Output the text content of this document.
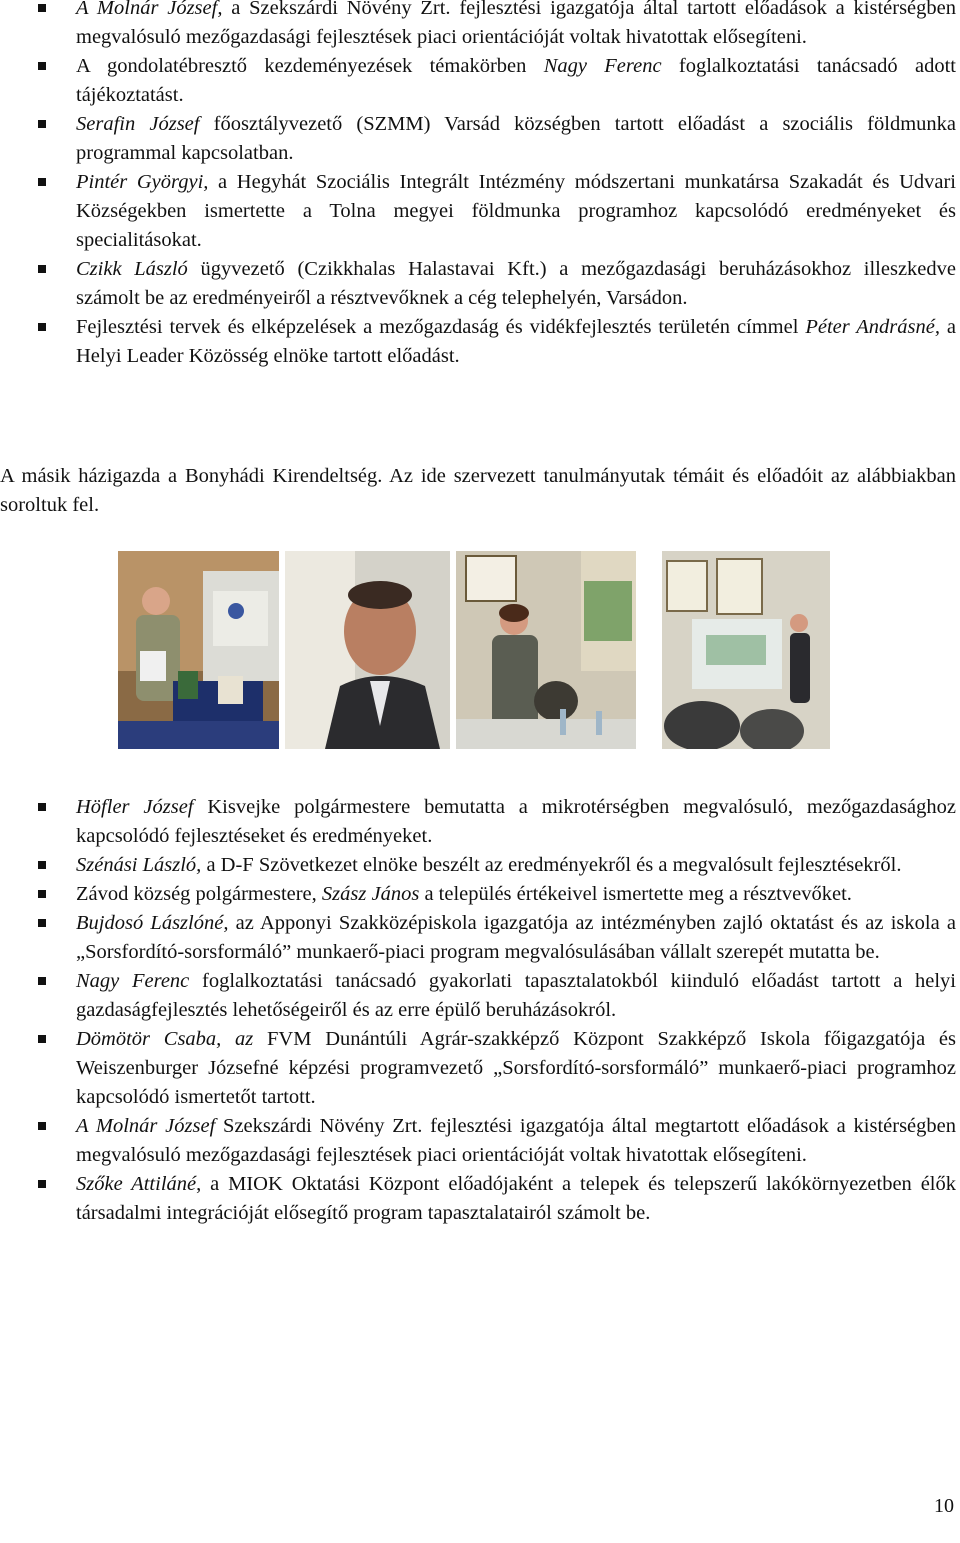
A Molnár József, a Szekszárdi Növény Zrt. fejlesztési igazgatója által tartott előadások a kistérségben megvalósuló mezőgazdasági fejlesztések piaci orientációját voltak hivatottak elősegíteni.
A gondolatébresztő kezdeményezések témakörben Nagy Ferenc foglalkoztatási tanácsadó adott tájékoztatást.
Serafin József főosztályvezető (SZMM) Varsád községben tartott előadást a szociális földmunka programmal kapcsolatban.
Pintér Györgyi, a Hegyhát Szociális Integrált Intézmény módszertani munkatársa Szakadát és Udvari Községekben ismertette a Tolna megyei földmunka programhoz kapcsolódó eredményeket és specialitásokat.
Czikk László ügyvezető (Czikkhalas Halastavai Kft.) a mezőgazdasági beruházásokhoz illeszkedve számolt be az eredményeiről a résztvevőknek a cég telephelyén, Varsádon.
Fejlesztési tervek és elképzelések a mezőgazdaság és vidékfejlesztés területén címmel Péter Andrásné, a Helyi Leader Közösség elnöke tartott előadást.

A másik házigazda a Bonyhádi Kirendeltség. Az ide szervezett tanulmányutak témáit és előadóit az alábbiakban soroltuk fel.

Höfler József Kisvejke polgármestere bemutatta a mikrotérségben megvalósuló, mezőgazdasághoz kapcsolódó fejlesztéseket és eredményeket.
Szénási László, a D-F Szövetkezet elnöke beszélt az eredményekről és a megvalósult fejlesztésekről.
Závod község polgármestere, Szász János a település értékeivel ismertette meg a résztvevőket.
Bujdosó Lászlóné, az Apponyi Szakközépiskola igazgatója az intézményben zajló oktatást és az iskola a „Sorsfordító-sorsformáló” munkaerő-piaci program megvalósulásában vállalt szerepét mutatta be.
Nagy Ferenc foglalkoztatási tanácsadó gyakorlati tapasztalatokból kiinduló előadást tartott a helyi gazdaságfejlesztés lehetőségeiről és az erre épülő beruházásokról.
Dömötör Csaba, az FVM Dunántúli Agrár-szakképző Központ Szakképző Iskola főigazgatója és Weiszenburger Józsefné képzési programvezető „Sorsfordító-sorsformáló” munkaerő-piaci programhoz kapcsolódó ismertetőt tartott.
A Molnár József Szekszárdi Növény Zrt. fejlesztési igazgatója által megtartott előadások a kistérségben megvalósuló mezőgazdasági fejlesztések piaci orientációját voltak hivatottak elősegíteni.
Szőke Attiláné, a MIOK Oktatási Központ előadójaként a telepek és telepszerű lakókörnyezetben élők társadalmi integrációját elősegítő program tapasztalatairól számolt be.
10
